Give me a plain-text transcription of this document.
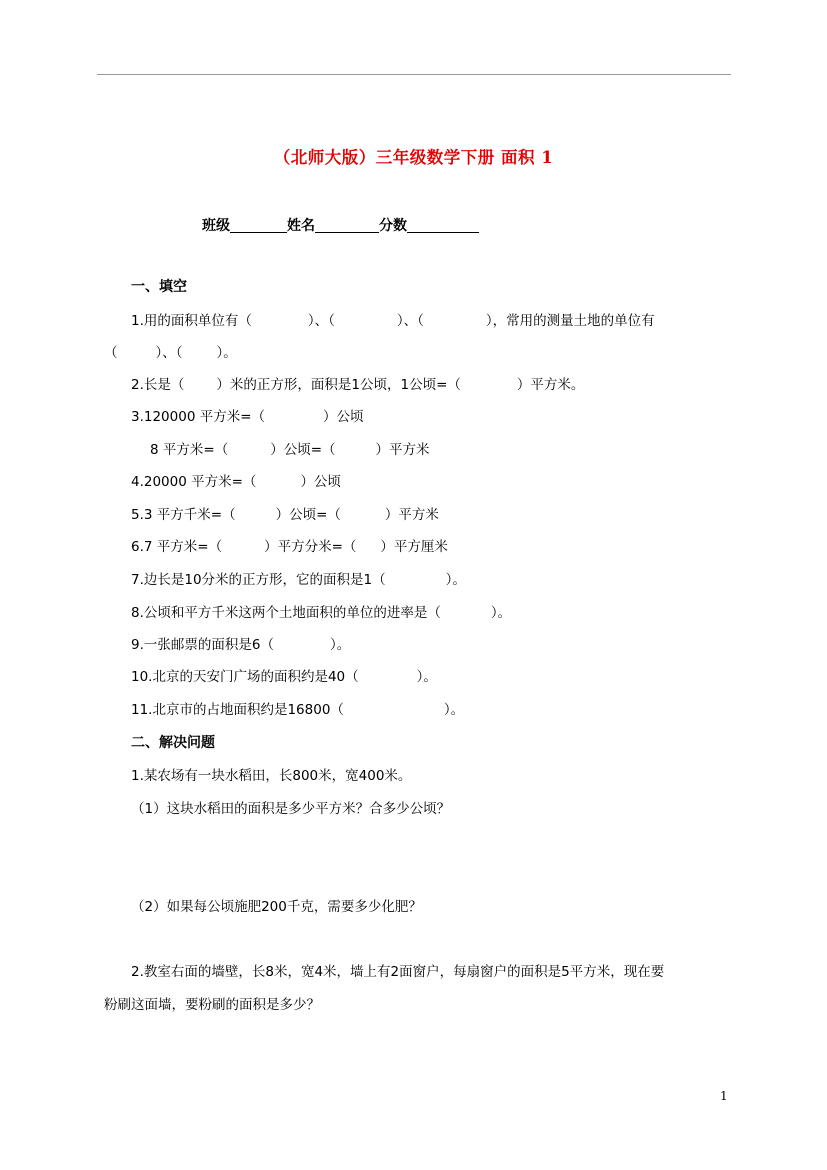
（北师大版）三年级数学下册 面积 1
班级	姓名	分数
一、填空
1.用的面积单位有（	）、（	）、（	），常用的测量土地的单位有
（	）、（	）。
2.长是（ ）米的正方形，面积是1公顷，1公顷=（	）平方米。
3.120000 平方米=（	）公顷
8 平方米=（	）公顷=（	）平方米
4.20000 平方米=（	）公顷
5.3 平方千米=（	）公顷=（	）平方米
6.7 平方米=（	）平方分米=（ ）平方厘米
7.边长是10分米的正方形，它的面积是1（	）。
8.公顷和平方千米这两个土地面积的单位的进率是（	）。
9.一张邮票的面积是6（	）。
10.北京的天安门广场的面积约是40（	）。
11.北京市的占地面积约是16800（	）。
二、解决问题
1.某农场有一块水稻田，长800米，宽400米。
（1）这块水稻田的面积是多少平方米？合多少公顷？
（2）如果每公顷施肥200千克，需要多少化肥？
2.教室右面的墙壁，长8米，宽4米，墙上有2面窗户，每扇窗户的面积是5平方米，现在要
粉刷这面墙，要粉刷的面积是多少？
1
